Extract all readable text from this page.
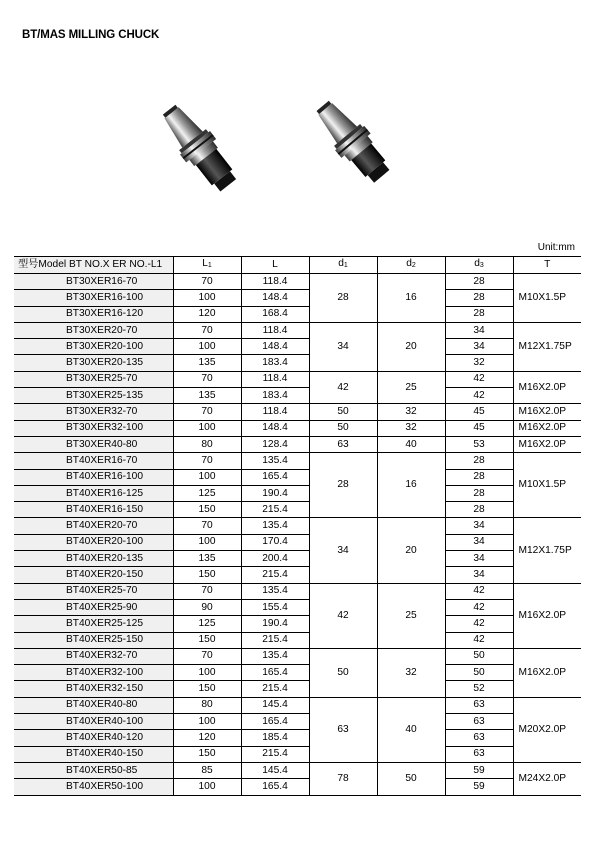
BT/MAS MILLING CHUCK
Unit:mm
型号Model BT NO.X ER NO.-L1	$L_1$	L	$d_1$	$d_2$	$d_3$	T
BT30XER16-70	70	118.4	28	16	28	M10X1.5P
BT30XER16-100	100	148.4			28	
BT30XER16-120	120	168.4			28	
BT30XER20-70	70	118.4	34	20	34	M12X1.75P
BT30XER20-100	100	148.4			34	
BT30XER20-135	135	183.4			32	
BT30XER25-70	70	118.4	42	25	42	M16X2.0P
BT30XER25-135	135	183.4			42	
BT30XER32-70	70	118.4	50	32	45	M16X2.0P
BT30XER32-100	100	148.4	50	32	45	M16X2.0P
BT30XER40-80	80	128.4	63	40	53	M16X2.0P
BT40XER16-70	70	135.4	28	16	28	M10X1.5P
BT40XER16-100	100	165.4			28	
BT40XER16-125	125	190.4			28	
BT40XER16-150	150	215.4			28	
BT40XER20-70	70	135.4	34	20	34	M12X1.75P
BT40XER20-100	100	170.4			34	
BT40XER20-135	135	200.4			34	
BT40XER20-150	150	215.4			34	
BT40XER25-70	70	135.4	42	25	42	M16X2.0P
BT40XER25-90	90	155.4			42	
BT40XER25-125	125	190.4			42	
BT40XER25-150	150	215.4			42	
BT40XER32-70	70	135.4	50	32	50	M16X2.0P
BT40XER32-100	100	165.4			50	
BT40XER32-150	150	215.4			52	
BT40XER40-80	80	145.4	63	40	63	M20X2.0P
BT40XER40-100	100	165.4			63	
BT40XER40-120	120	185.4			63	
BT40XER40-150	150	215.4			63	
BT40XER50-85	85	145.4	78	50	59	M24X2.0P
BT40XER50-100	100	165.4			59	
